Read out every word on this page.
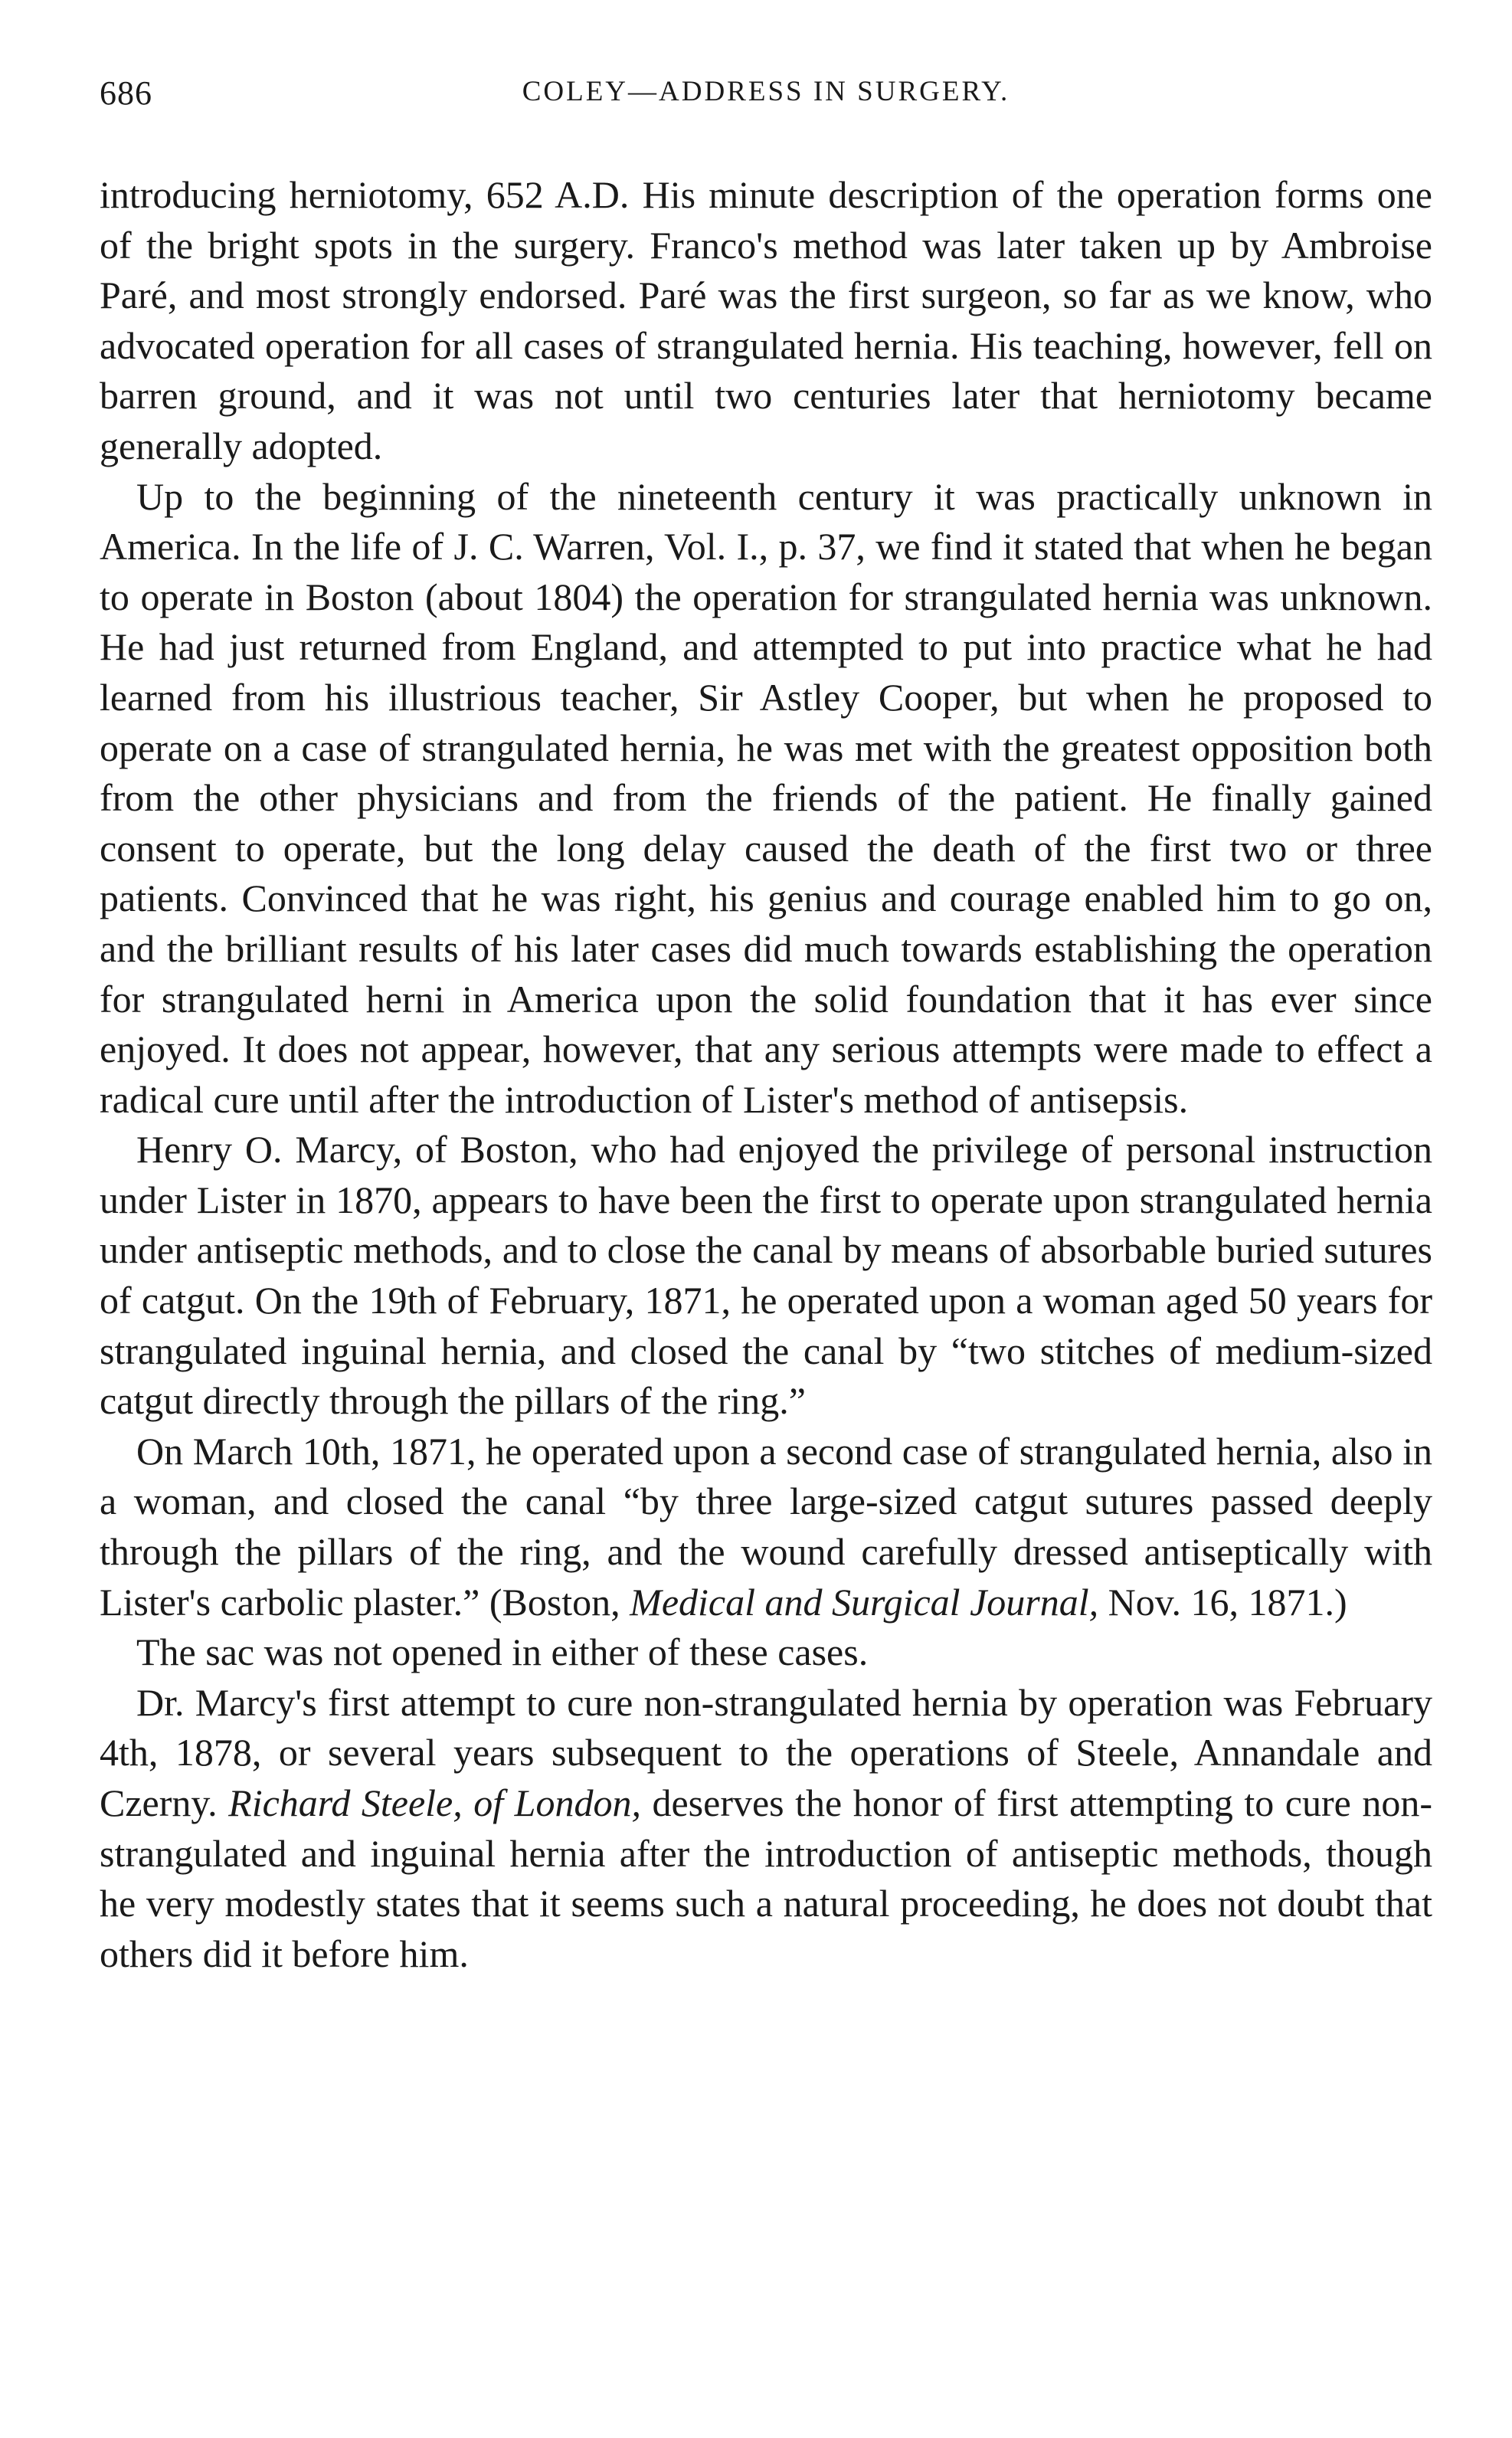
686	COLEY—ADDRESS IN SURGERY.

introducing herniotomy, 652 A.D. His minute description of the operation forms one of the bright spots in the surgery. Franco's method was later taken up by Ambroise Paré, and most strongly endorsed. Paré was the first surgeon, so far as we know, who advocated operation for all cases of strangulated hernia. His teaching, however, fell on barren ground, and it was not until two centuries later that herniotomy became generally adopted.

Up to the beginning of the nineteenth century it was practically unknown in America. In the life of J. C. Warren, Vol. I., p. 37, we find it stated that when he began to operate in Boston (about 1804) the operation for strangulated hernia was unknown. He had just returned from England, and attempted to put into practice what he had learned from his illustrious teacher, Sir Astley Cooper, but when he proposed to operate on a case of strangulated hernia, he was met with the greatest opposition both from the other physicians and from the friends of the patient. He finally gained consent to operate, but the long delay caused the death of the first two or three patients. Convinced that he was right, his genius and courage enabled him to go on, and the brilliant results of his later cases did much towards establishing the operation for strangulated herni in America upon the solid foundation that it has ever since enjoyed. It does not appear, however, that any serious attempts were made to effect a radical cure until after the introduction of Lister's method of antisepsis.

Henry O. Marcy, of Boston, who had enjoyed the privilege of personal instruction under Lister in 1870, appears to have been the first to operate upon strangulated hernia under antiseptic methods, and to close the canal by means of absorbable buried sutures of catgut. On the 19th of February, 1871, he operated upon a woman aged 50 years for strangulated inguinal hernia, and closed the canal by “two stitches of medium-sized catgut directly through the pillars of the ring.”

On March 10th, 1871, he operated upon a second case of strangulated hernia, also in a woman, and closed the canal “by three large-sized catgut sutures passed deeply through the pillars of the ring, and the wound carefully dressed antiseptically with Lister's carbolic plaster.” (Boston, Medical and Surgical Journal, Nov. 16, 1871.)

The sac was not opened in either of these cases.

Dr. Marcy's first attempt to cure non-strangulated hernia by operation was February 4th, 1878, or several years subsequent to the operations of Steele, Annandale and Czerny. Richard Steele, of London, deserves the honor of first attempting to cure non-strangulated and inguinal hernia after the introduction of antiseptic methods, though he very modestly states that it seems such a natural proceeding, he does not doubt that others did it before him.
